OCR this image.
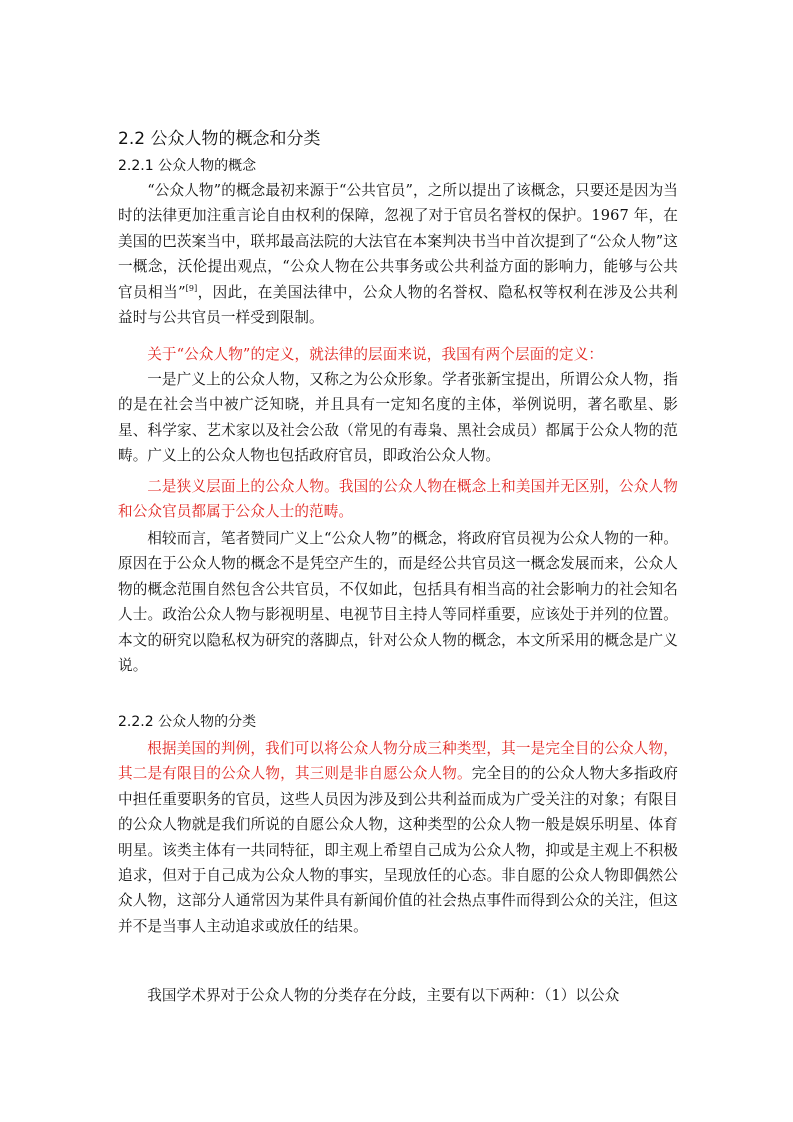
2.2 公众人物的概念和分类
2.2.1 公众人物的概念

“公众人物”的概念最初来源于“公共官员”，之所以提出了该概念，只要还是因为当时的法律更加注重言论自由权利的保障，忽视了对于官员名誉权的保护。1967 年，在美国的巴茨案当中，联邦最高法院的大法官在本案判决书当中首次提到了“公众人物”这一概念，沃伦提出观点，“公众人物在公共事务或公共利益方面的影响力，能够与公共官员相当”[9]，因此，在美国法律中，公众人物的名誉权、隐私权等权利在涉及公共利益时与公共官员一样受到限制。

关于“公众人物”的定义，就法律的层面来说，我国有两个层面的定义：

一是广义上的公众人物，又称之为公众形象。学者张新宝提出，所谓公众人物，指的是在社会当中被广泛知晓，并且具有一定知名度的主体，举例说明，著名歌星、影星、科学家、艺术家以及社会公敌（常见的有毒枭、黑社会成员）都属于公众人物的范畴。广义上的公众人物也包括政府官员，即政治公众人物。

二是狭义层面上的公众人物。我国的公众人物在概念上和美国并无区别，公众人物和公众官员都属于公众人士的范畴。

相较而言，笔者赞同广义上“公众人物”的概念，将政府官员视为公众人物的一种。原因在于公众人物的概念不是凭空产生的，而是经公共官员这一概念发展而来，公众人物的概念范围自然包含公共官员，不仅如此，包括具有相当高的社会影响力的社会知名人士。政治公众人物与影视明星、电视节目主持人等同样重要，应该处于并列的位置。本文的研究以隐私权为研究的落脚点，针对公众人物的概念，本文所采用的概念是广义说。

2.2.2 公众人物的分类

根据美国的判例，我们可以将公众人物分成三种类型，其一是完全目的公众人物，其二是有限目的公众人物，其三则是非自愿公众人物。完全目的的公众人物大多指政府中担任重要职务的官员，这些人员因为涉及到公共利益而成为广受关注的对象；有限目的公众人物就是我们所说的自愿公众人物，这种类型的公众人物一般是娱乐明星、体育明星。该类主体有一共同特征，即主观上希望自己成为公众人物，抑或是主观上不积极追求，但对于自己成为公众人物的事实，呈现放任的心态。非自愿的公众人物即偶然公众人物，这部分人通常因为某件具有新闻价值的社会热点事件而得到公众的关注，但这并不是当事人主动追求或放任的结果。

我国学术界对于公众人物的分类存在分歧，主要有以下两种：（1）以公众
